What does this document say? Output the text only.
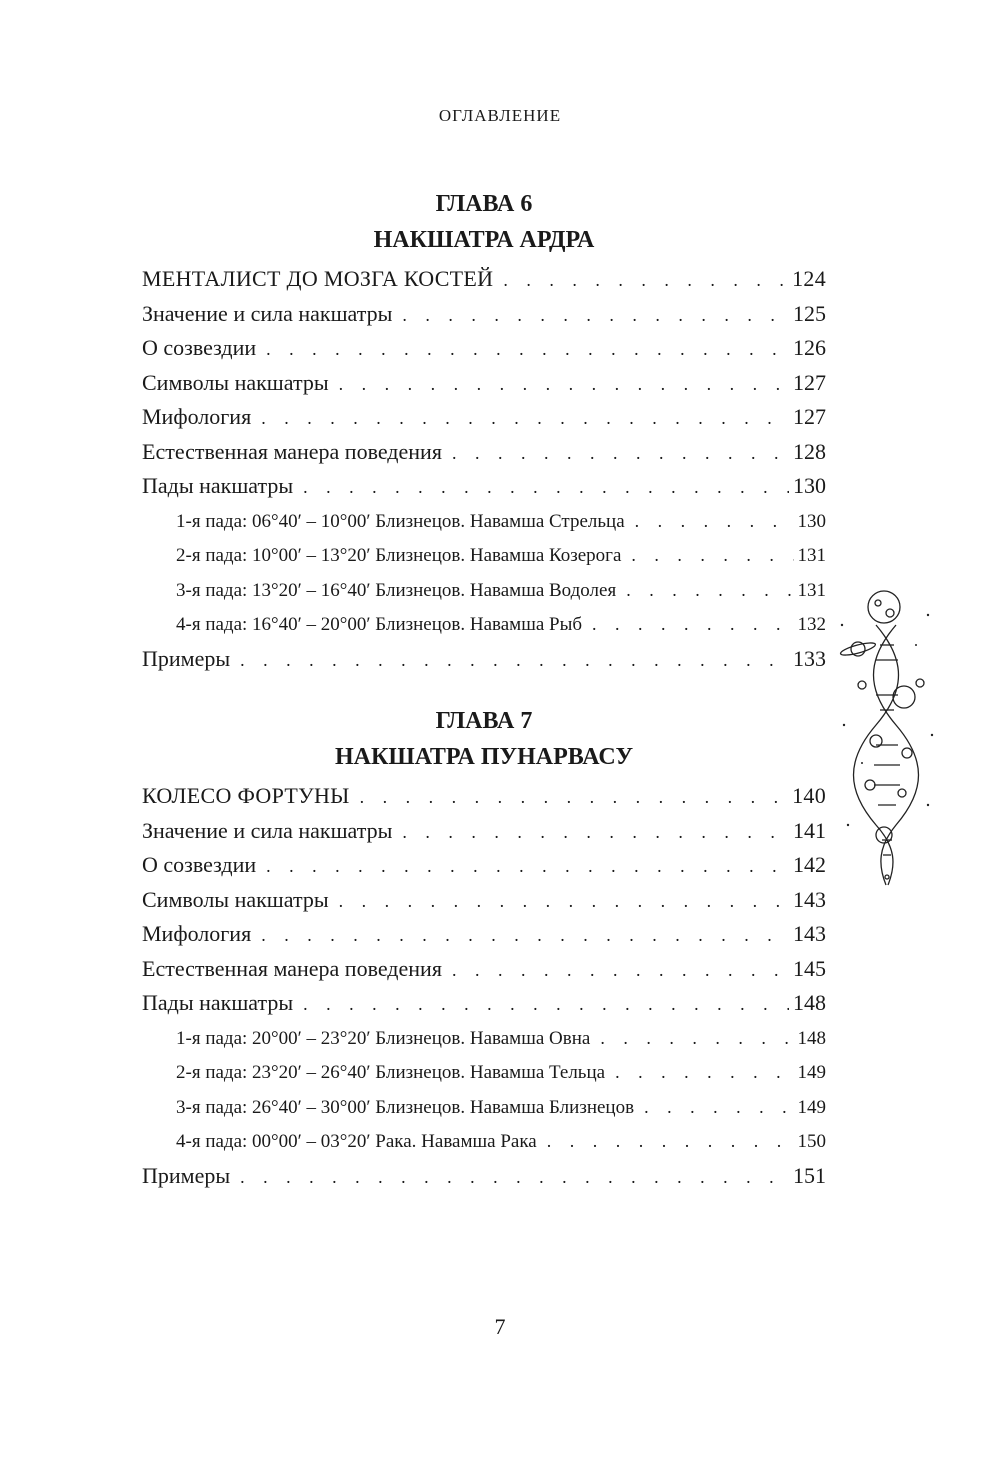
ОГЛАВЛЕНИЕ
ГЛАВА 6
НАКШАТРА АРДРА
МЕНТАЛИСТ ДО МОЗГА КОСТЕЙ . . .	124
Значение и сила накшатры . . .	125
О созвездии . . .	126
Символы накшатры . . .	127
Мифология . . .	127
Естественная манера поведения . . .	128
Пады накшатры . . .	130
1-я пада: 06°40′ – 10°00′ Близнецов. Навамша Стрельца . . .	130
2-я пада: 10°00′ – 13°20′ Близнецов. Навамша Козерога . . .	131
3-я пада: 13°20′ – 16°40′ Близнецов. Навамша Водолея . . .	131
4-я пада: 16°40′ – 20°00′ Близнецов. Навамша Рыб . . .	132
Примеры . . .	133
ГЛАВА 7
НАКШАТРА ПУНАРВАСУ
КОЛЕСО ФОРТУНЫ . . .	140
Значение и сила накшатры . . .	141
О созвездии . . .	142
Символы накшатры . . .	143
Мифология . . .	143
Естественная манера поведения . . .	145
Пады накшатры . . .	148
1-я пада: 20°00′ – 23°20′ Близнецов. Навамша Овна . . .	148
2-я пада: 23°20′ – 26°40′ Близнецов. Навамша Тельца . . .	149
3-я пада: 26°40′ – 30°00′ Близнецов. Навамша Близнецов . . .	149
4-я пада: 00°00′ – 03°20′ Рака. Навамша Рака . . .	150
Примеры . . .	151
7
